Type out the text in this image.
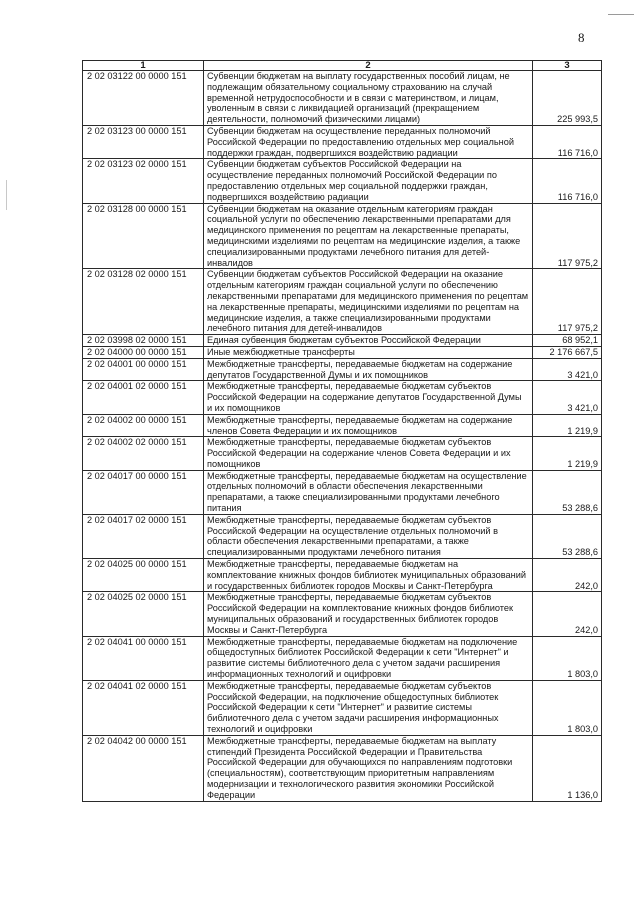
8
1	2	3
2 02 03122 00 0000 151	Субвенции бюджетам на выплату государственных пособий лицам, не подлежащим обязательному социальному страхованию на случай временной нетрудоспособности и в связи с материнством, и лицам, уволенным в связи с ликвидацией организаций (прекращением деятельности, полномочий физическими лицами)	225 993,5
2 02 03123 00 0000 151	Субвенции бюджетам на осуществление переданных полномочий Российской Федерации по предоставлению отдельных мер социальной поддержки граждан, подвергшихся воздействию радиации	116 716,0
2 02 03123 02 0000 151	Субвенции бюджетам субъектов Российской Федерации на осуществление переданных полномочий Российской Федерации по предоставлению отдельных мер социальной поддержки граждан, подвергшихся воздействию радиации	116 716,0
2 02 03128 00 0000 151	Субвенции бюджетам на оказание отдельным категориям граждан социальной услуги по обеспечению лекарственными препаратами для медицинского применения по рецептам на лекарственные препараты, медицинскими изделиями по рецептам на медицинские изделия, а также специализированными продуктами лечебного питания для детей-инвалидов	117 975,2
2 02 03128 02 0000 151	Субвенции бюджетам субъектов Российской Федерации на оказание отдельным категориям граждан социальной услуги по обеспечению лекарственными препаратами для медицинского применения по рецептам на лекарственные препараты, медицинскими изделиями по рецептам на медицинские изделия, а также специализированными продуктами лечебного питания для детей-инвалидов	117 975,2
2 02 03998 02 0000 151	Единая субвенция бюджетам субъектов Российской Федерации	68 952,1
2 02 04000 00 0000 151	Иные межбюджетные трансферты	2 176 667,5
2 02 04001 00 0000 151	Межбюджетные трансферты, передаваемые бюджетам на содержание депутатов Государственной Думы и их помощников	3 421,0
2 02 04001 02 0000 151	Межбюджетные трансферты, передаваемые бюджетам субъектов Российской Федерации на содержание депутатов Государственной Думы и их помощников	3 421,0
2 02 04002 00 0000 151	Межбюджетные трансферты, передаваемые бюджетам на содержание членов Совета Федерации и их помощников	1 219,9
2 02 04002 02 0000 151	Межбюджетные трансферты, передаваемые бюджетам субъектов Российской Федерации на содержание членов Совета Федерации и их помощников	1 219,9
2 02 04017 00 0000 151	Межбюджетные трансферты, передаваемые бюджетам на осуществление отдельных полномочий в области обеспечения лекарственными препаратами, а также специализированными продуктами лечебного питания	53 288,6
2 02 04017 02 0000 151	Межбюджетные трансферты, передаваемые бюджетам субъектов Российской Федерации на осуществление отдельных полномочий в области обеспечения лекарственными препаратами, а также специализированными продуктами лечебного питания	53 288,6
2 02 04025 00 0000 151	Межбюджетные трансферты, передаваемые бюджетам на комплектование книжных фондов библиотек муниципальных образований и государственных библиотек городов Москвы и Санкт-Петербурга	242,0
2 02 04025 02 0000 151	Межбюджетные трансферты, передаваемые бюджетам субъектов Российской Федерации на комплектование книжных фондов библиотек муниципальных образований и государственных библиотек городов Москвы и Санкт-Петербурга	242,0
2 02 04041 00 0000 151	Межбюджетные трансферты, передаваемые бюджетам на подключение общедоступных библиотек Российской Федерации к сети "Интернет" и развитие системы библиотечного дела с учетом задачи расширения информационных технологий и оцифровки	1 803,0
2 02 04041 02 0000 151	Межбюджетные трансферты, передаваемые бюджетам субъектов Российской Федерации, на подключение общедоступных библиотек Российской Федерации к сети "Интернет" и развитие системы библиотечного дела с учетом задачи расширения информационных технологий и оцифровки	1 803,0
2 02 04042 00 0000 151	Межбюджетные трансферты, передаваемые бюджетам на выплату стипендий Президента Российской Федерации и Правительства Российской Федерации для обучающихся по направлениям подготовки (специальностям), соответствующим приоритетным направлениям модернизации и технологического развития экономики Российской Федерации	1 136,0
